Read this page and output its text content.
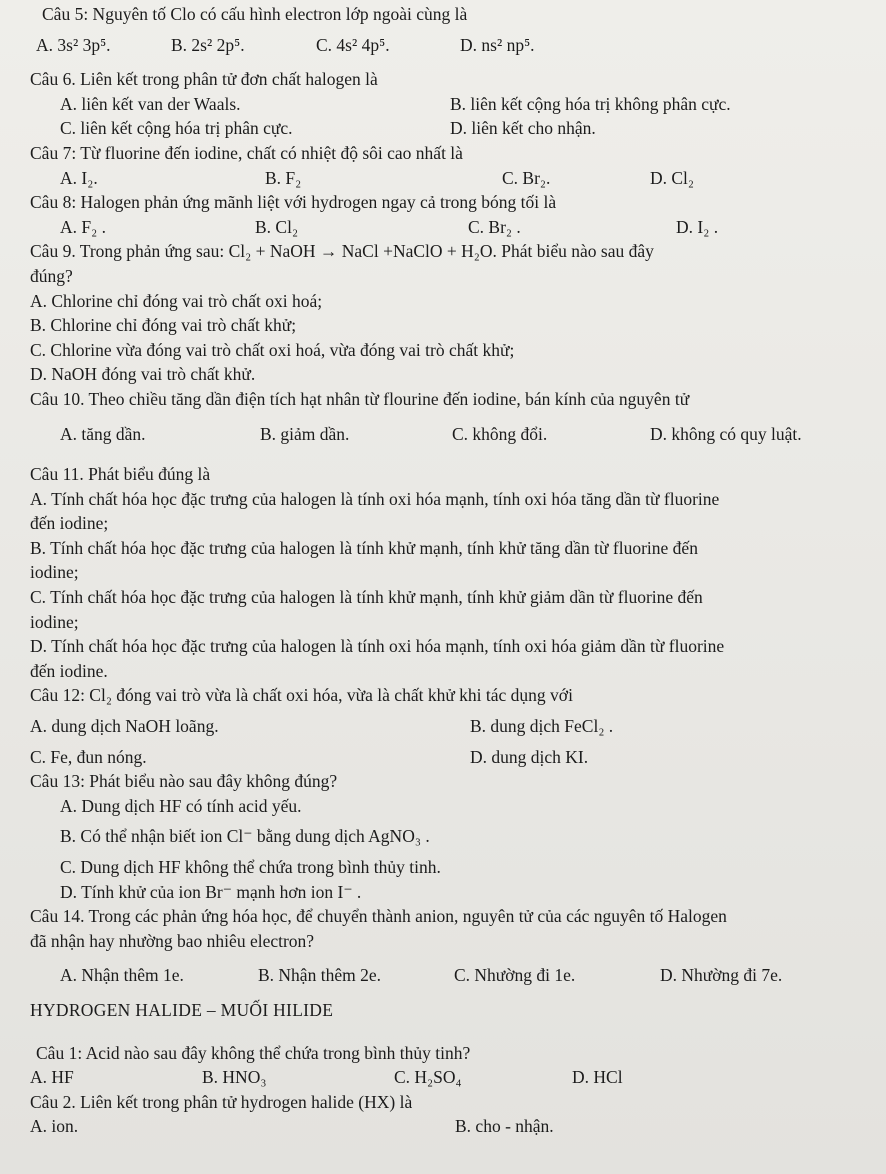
Câu 5: Nguyên tố Clo có cấu hình electron lớp ngoài cùng là
A. 3s² 3p⁵.	B. 2s² 2p⁵.	C. 4s² 4p⁵.	D. ns² np⁵.
Câu 6. Liên kết trong phân tử đơn chất halogen là
A. liên kết van der Waals.	B. liên kết cộng hóa trị không phân cực.
C. liên kết cộng hóa trị phân cực.	D. liên kết cho nhận.
Câu 7: Từ fluorine đến iodine, chất có nhiệt độ sôi cao nhất là
A. I₂.	B. F₂	C. Br₂.	D. Cl₂
Câu 8: Halogen phản ứng mãnh liệt với hydrogen ngay cả trong bóng tối là
A. F₂ .	B. Cl₂	C. Br₂ .	D. I₂ .
Câu 9. Trong phản ứng sau: Cl₂ + NaOH → NaCl +NaClO + H₂O. Phát biểu nào sau đây
đúng?
A. Chlorine chỉ đóng vai trò chất oxi hoá;
B. Chlorine chỉ đóng vai trò chất khử;
C. Chlorine vừa đóng vai trò chất oxi hoá, vừa đóng vai trò chất khử;
D. NaOH đóng vai trò chất khử.
Câu 10. Theo chiều tăng dần điện tích hạt nhân từ flourine đến iodine, bán kính của nguyên tử
A. tăng dần.	B. giảm dần.	C. không đổi.	D. không có quy luật.
Câu 11. Phát biểu đúng là
A. Tính chất hóa học đặc trưng của halogen là tính oxi hóa mạnh, tính oxi hóa tăng dần từ fluorine
đến iodine;
B. Tính chất hóa học đặc trưng của halogen là tính khử mạnh, tính khử tăng dần từ fluorine đến
iodine;
C. Tính chất hóa học đặc trưng của halogen là tính khử mạnh, tính khử giảm dần từ fluorine đến
iodine;
D. Tính chất hóa học đặc trưng của halogen là tính oxi hóa mạnh, tính oxi hóa giảm dần từ fluorine
đến iodine.
Câu 12: Cl₂ đóng vai trò vừa là chất oxi hóa, vừa là chất khử khi tác dụng với
A. dung dịch NaOH loãng.	B. dung dịch FeCl₂ .
C. Fe, đun nóng.	D. dung dịch KI.
Câu 13: Phát biểu nào sau đây không đúng?
A. Dung dịch HF có tính acid yếu.
B. Có thể nhận biết ion Cl⁻ bằng dung dịch AgNO₃ .
C. Dung dịch HF không thể chứa trong bình thủy tinh.
D. Tính khử của ion Br⁻ mạnh hơn ion I⁻ .
Câu 14. Trong các phản ứng hóa học, để chuyển thành anion, nguyên tử của các nguyên tố Halogen
đã nhận hay nhường bao nhiêu electron?
A. Nhận thêm 1e.	B. Nhận thêm 2e.	C. Nhường đi 1e.	D. Nhường đi 7e.
HYDROGEN HALIDE – MUỐI HILIDE
Câu 1: Acid nào sau đây không thể chứa trong bình thủy tinh?
A. HF	B. HNO₃	C. H₂SO₄	D. HCl
Câu 2. Liên kết trong phân tử hydrogen halide (HX) là
A. ion.	B. cho - nhận.
